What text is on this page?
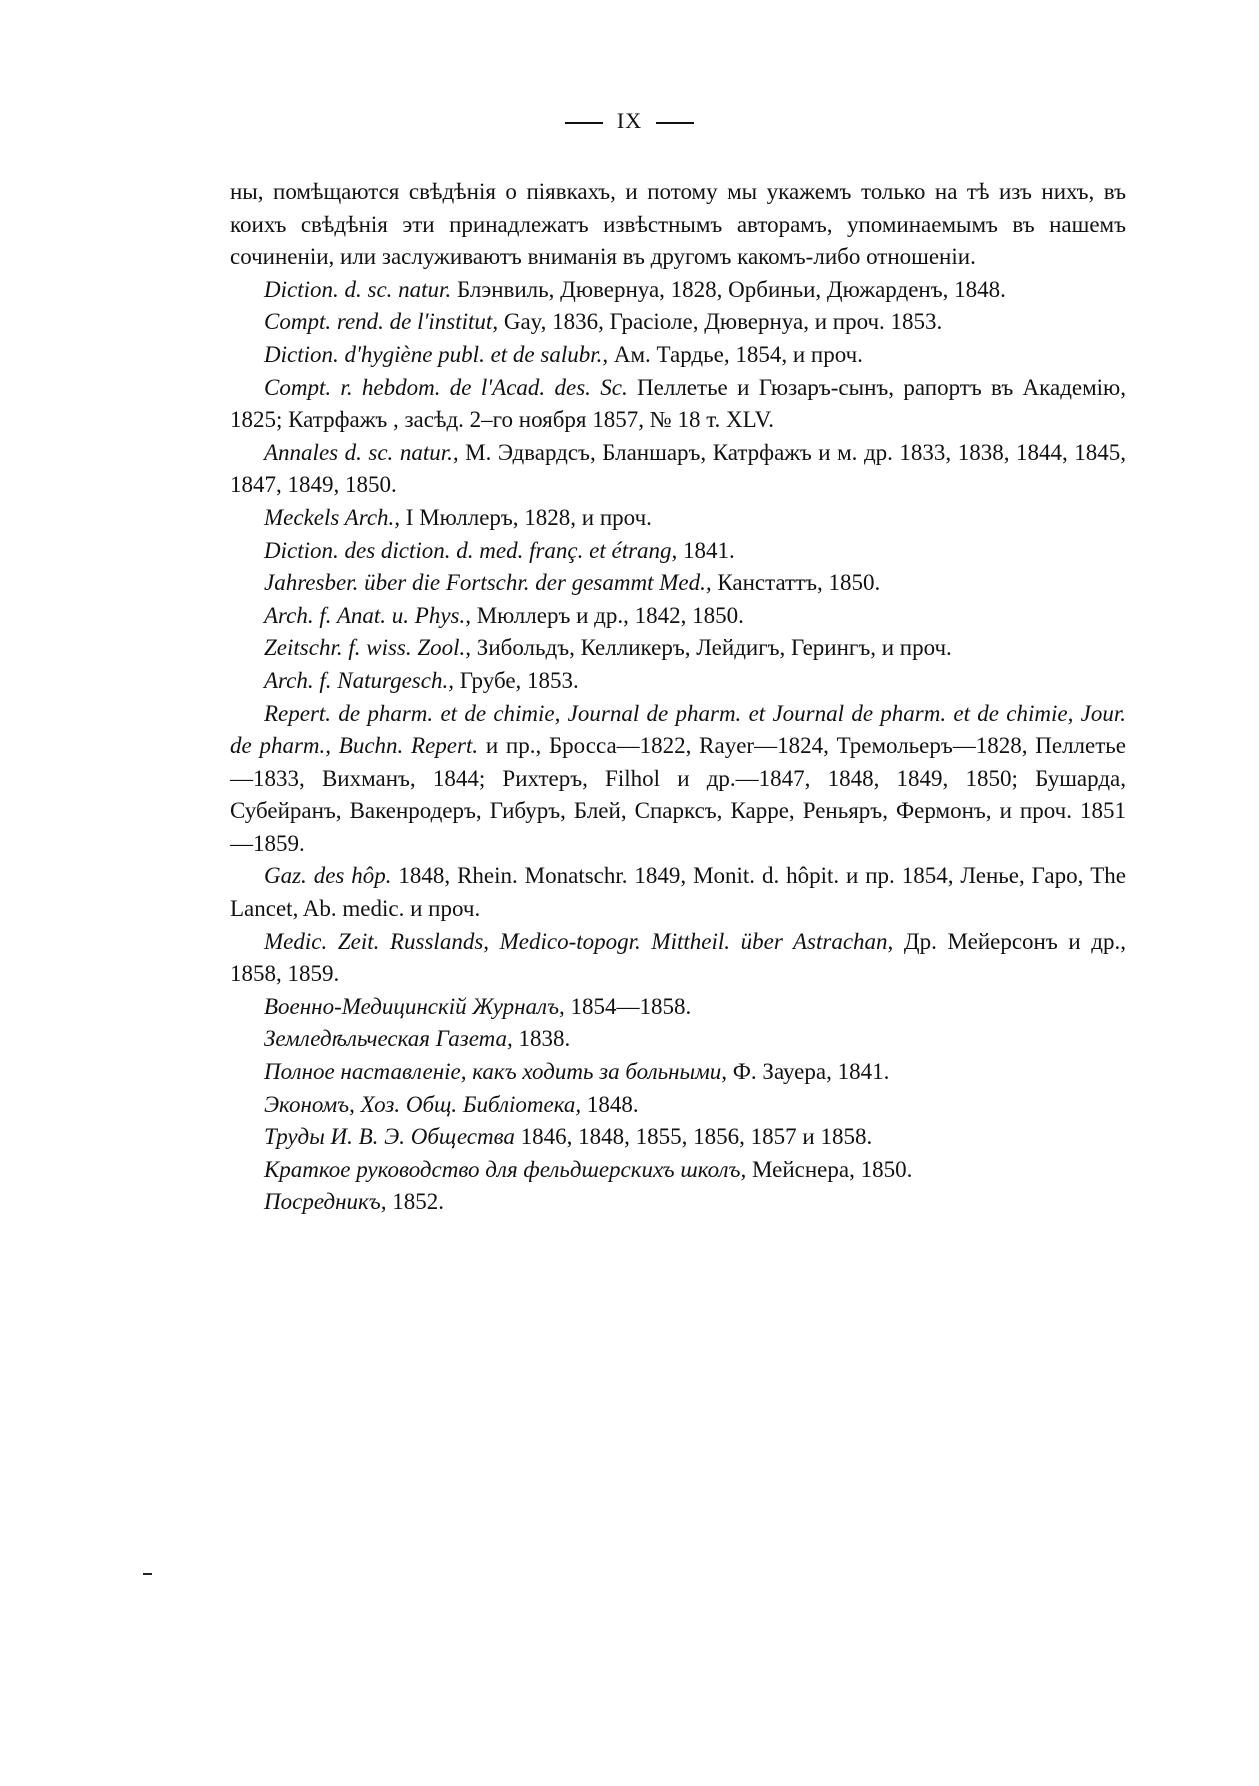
IX

ны, помѣщаются свѣдѣнія о піявкахъ, и потому мы укажемъ только на тѣ изъ нихъ, въ коихъ свѣдѣнія эти принадлежатъ извѣстнымъ авторамъ, упоминаемымъ въ нашемъ сочиненіи, или заслуживаютъ вниманія въ другомъ какомъ-либо отношеніи.

Diction. d. sc. natur. Блэнвиль, Дювернуа, 1828, Орбиньи, Дюжарденъ, 1848.

Compt. rend. de l'institut, Gay, 1836, Грасіоле, Дювернуа, и проч. 1853.

Diction. d'hygiène publ. et de salubr., Ам. Тардье, 1854, и проч.

Compt. r. hebdom. de l'Acad. des. Sc. Пеллетье и Гюзаръ-сынъ, рапортъ въ Академію, 1825; Катрфажъ , засѣд. 2–го ноября 1857, № 18 т. XLV.

Annales d. sc. natur., М. Эдвардсъ, Бланшаръ, Катрфажъ и м. др. 1833, 1838, 1844, 1845, 1847, 1849, 1850.

Meckels Arch., I Мюллеръ, 1828, и проч.

Diction. des diction. d. med. franç. et étrang, 1841.

Jahresber. über die Fortschr. der gesammt Med., Канстаттъ, 1850.

Arch. f. Anat. u. Phys., Мюллеръ и др., 1842, 1850.

Zeitschr. f. wiss. Zool., Зибольдъ, Келликеръ, Лейдигъ, Герингъ, и проч.

Arch. f. Naturgesch., Грубе, 1853.

Repert. de pharm. et de chimie, Journal de pharm. et Journal de pharm. et de chimie, Jour. de pharm., Buchn. Repert. и пр., Бросса—1822, Rayer—1824, Тремольеръ—1828, Пеллетье—1833, Вихманъ, 1844; Рихтеръ, Filhol и др.—1847, 1848, 1849, 1850; Бушарда, Субейранъ, Вакенродеръ, Гибуръ, Блей, Спарксъ, Карре, Реньяръ, Фермонъ, и проч. 1851—1859.

Gaz. des hôp. 1848, Rhein. Monatschr. 1849, Monit. d. hôpit. и пр. 1854, Ленье, Гаро, The Lancet, Ab. medic. и проч.

Medic. Zeit. Russlands, Medico-topogr. Mittheil. über Astrachan, Др. Мейерсонъ и др., 1858, 1859.

Военно-Медицинскій Журналъ, 1854—1858.

Земледѣльческая Газета, 1838.

Полное наставленіе, какъ ходить за больными, Ф. Зауера, 1841.

Экономъ, Хоз. Общ. Библіотека, 1848.

Труды И. В. Э. Общества 1846, 1848, 1855, 1856, 1857 и 1858.

Краткое руководство для фельдшерскихъ школъ, Мейснера, 1850.

Посредникъ, 1852.
